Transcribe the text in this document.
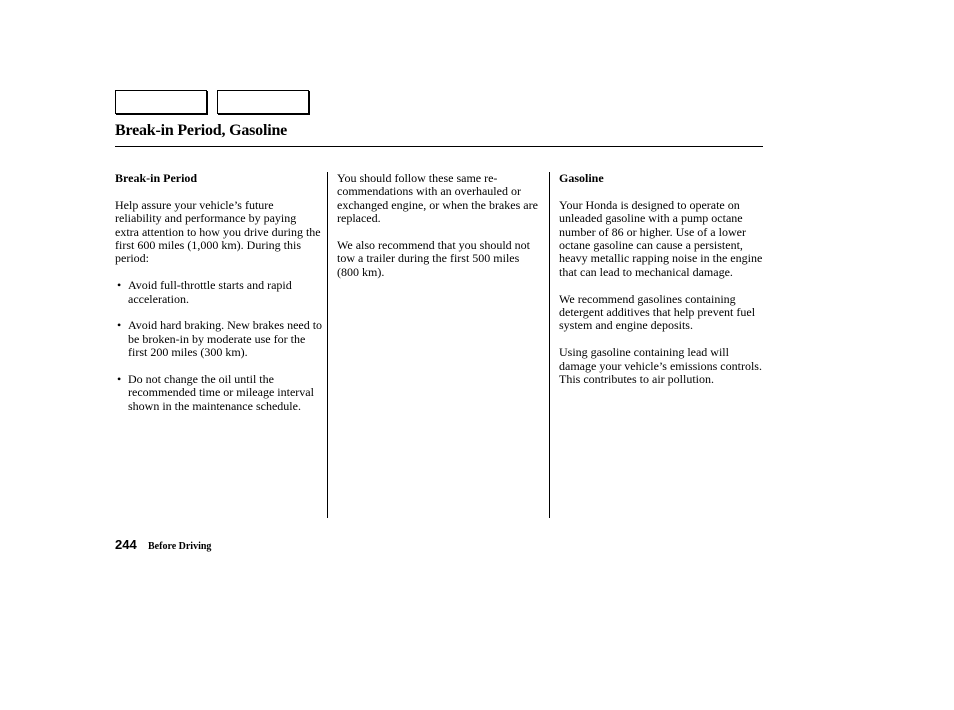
Break-in Period, Gasoline

Break-in Period

Help assure your vehicle’s future reliability and performance by paying extra attention to how you drive during the first 600 miles (1,000 km). During this period:

• Avoid full-throttle starts and rapid acceleration.
• Avoid hard braking. New brakes need to be broken-in by moderate use for the first 200 miles (300 km).
• Do not change the oil until the recommended time or mileage interval shown in the maintenance schedule.

You should follow these same re-commendations with an overhauled or exchanged engine, or when the brakes are replaced.

We also recommend that you should not tow a trailer during the first 500 miles (800 km).

Gasoline

Your Honda is designed to operate on unleaded gasoline with a pump octane number of 86 or higher. Use of a lower octane gasoline can cause a persistent, heavy metallic rapping noise in the engine that can lead to mechanical damage.

We recommend gasolines containing detergent additives that help prevent fuel system and engine deposits.

Using gasoline containing lead will damage your vehicle’s emissions controls. This contributes to air pollution.

244 Before Driving
